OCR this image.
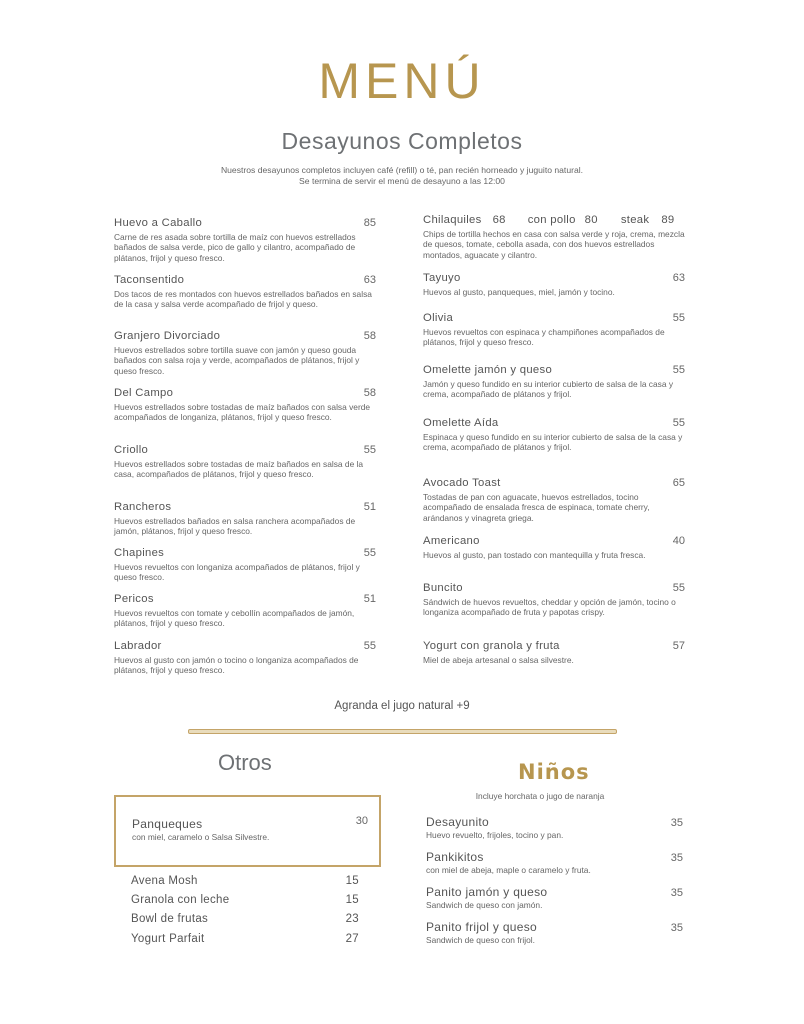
MENÚ
Desayunos Completos
Nuestros desayunos completos incluyen café (refill) o té, pan recién horneado y juguito natural.
Se termina de servir el menú de desayuno a las 12:00
Huevo a Caballo	85
Carne de res asada sobre tortilla de maíz con huevos estrellados bañados de salsa verde, pico de gallo y cilantro, acompañado de plátanos, frijol y queso fresco.
Taconsentido	63
Dos tacos de res montados con huevos estrellados bañados en salsa de la casa y salsa verde acompañado de frijol y queso.
Granjero Divorciado	58
Huevos estrellados sobre tortilla suave con jamón y queso gouda bañados con salsa roja y verde, acompañados de plátanos, frijol y queso fresco.
Del Campo	58
Huevos estrellados sobre tostadas de maíz bañados con salsa verde acompañados de longaniza, plátanos, frijol y queso fresco.
Criollo	55
Huevos estrellados sobre tostadas de maíz bañados en salsa de la casa, acompañados de plátanos, frijol y queso fresco.
Rancheros	51
Huevos estrellados bañados en salsa ranchera acompañados de jamón, plátanos, frijol y queso fresco.
Chapines	55
Huevos revueltos con longaniza acompañados de plátanos, frijol y queso fresco.
Pericos	51
Huevos revueltos con tomate y cebollín acompañados de jamón, plátanos, frijol y queso fresco.
Labrador	55
Huevos al gusto con jamón o tocino o longaniza acompañados de plátanos, frijol y queso fresco.
Chilaquiles 68 con pollo 80 steak 89
Chips de tortilla hechos en casa con salsa verde y roja, crema, mezcla de quesos, tomate, cebolla asada, con dos huevos estrellados montados, aguacate y cilantro.
Tayuyo	63
Huevos al gusto, panqueques, miel, jamón y tocino.
Olivia	55
Huevos revueltos con espinaca y champiñones acompañados de plátanos, frijol y queso fresco.
Omelette jamón y queso	55
Jamón y queso fundido en su interior cubierto de salsa de la casa y crema, acompañado de plátanos y frijol.
Omelette Aída	55
Espinaca y queso fundido en su interior cubierto de salsa de la casa y crema, acompañado de plátanos y frijol.
Avocado Toast	65
Tostadas de pan con aguacate, huevos estrellados, tocino acompañado de ensalada fresca de espinaca, tomate cherry, arándanos y vinagreta griega.
Americano	40
Huevos al gusto, pan tostado con mantequilla y fruta fresca.
Buncito	55
Sándwich de huevos revueltos, cheddar y opción de jamón, tocino o longaniza acompañado de fruta y papotas crispy.
Yogurt con granola y fruta	57
Miel de abeja artesanal o salsa silvestre.
Agranda el jugo natural +9
Otros
Panqueques	30
con miel, caramelo o Salsa Silvestre.
Avena Mosh	15
Granola con leche	15
Bowl de frutas	23
Yogurt Parfait	27
Niños
Incluye horchata o jugo de naranja
Desayunito	35
Huevo revuelto, frijoles, tocino y pan.
Pankikitos	35
con miel de abeja, maple o caramelo y fruta.
Panito jamón y queso	35
Sandwich de queso con jamón.
Panito frijol y queso	35
Sandwich de queso con frijol.
